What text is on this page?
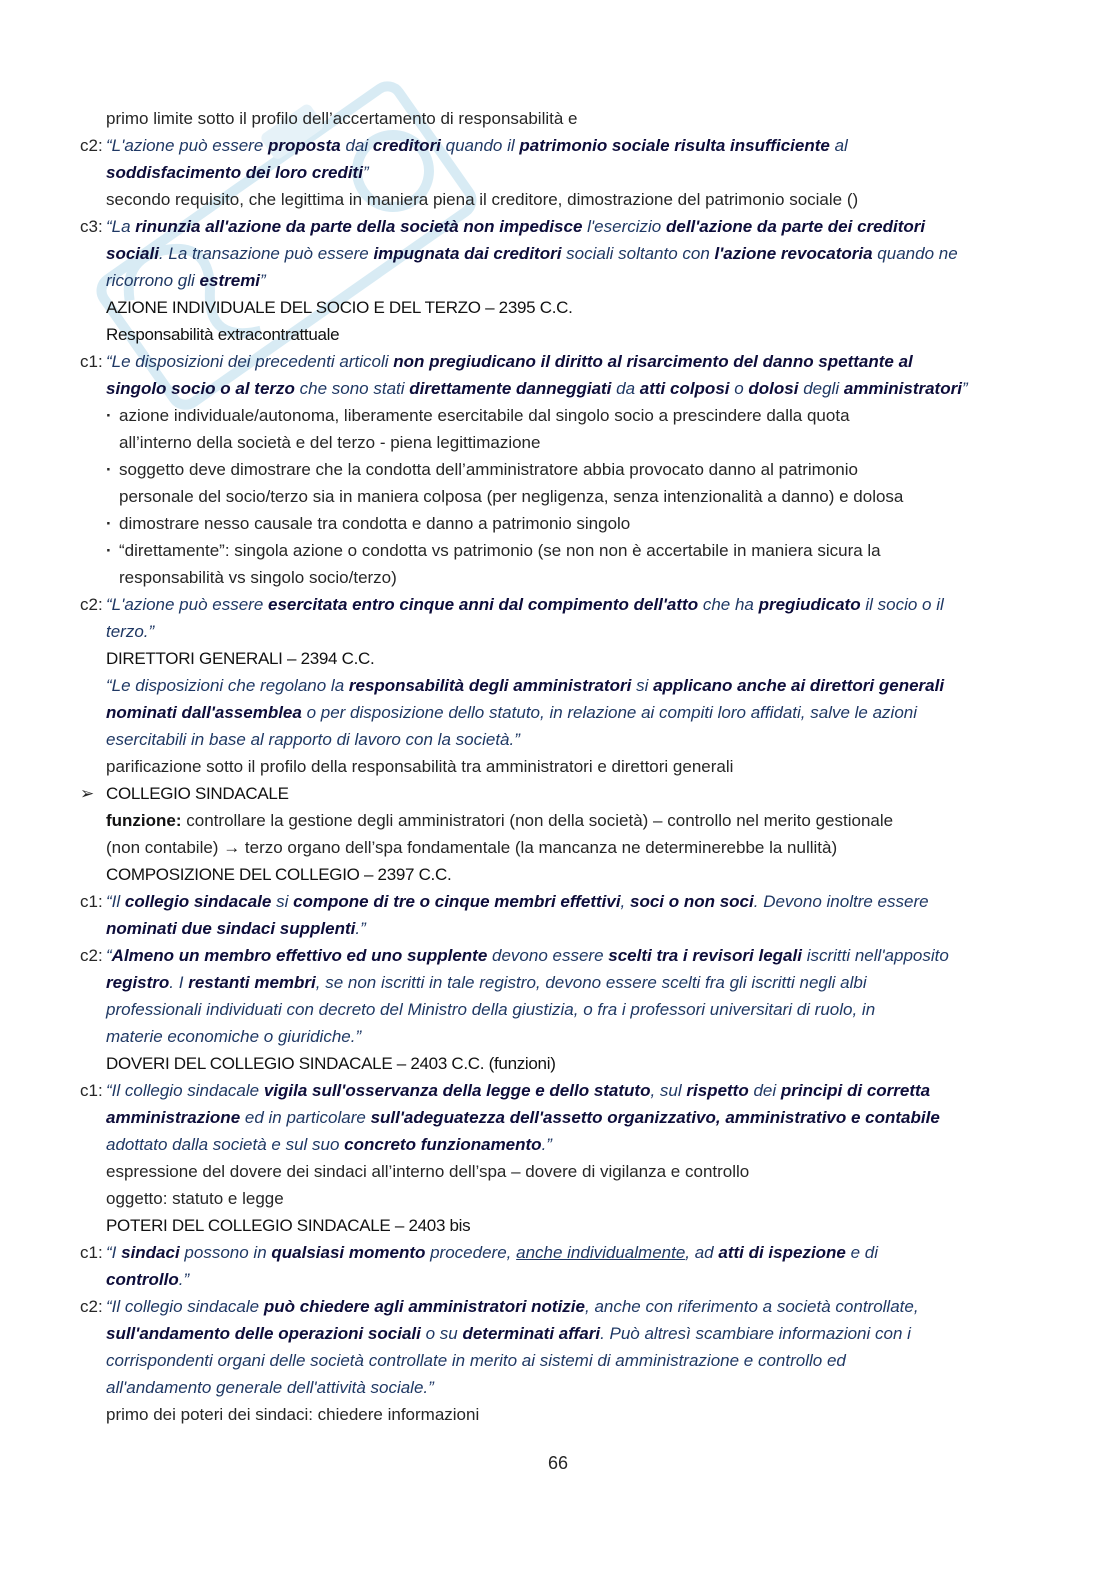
primo limite sotto il profilo dell’accertamento di responsabilità e
c2: “L'azione può essere proposta dai creditori quando il patrimonio sociale risulta insufficiente al
soddisfacimento dei loro crediti”
secondo requisito, che legittima in maniera piena il creditore, dimostrazione del patrimonio sociale ()
c3: “La rinunzia all'azione da parte della società non impedisce l'esercizio dell'azione da parte dei creditori
sociali. La transazione può essere impugnata dai creditori sociali soltanto con l'azione revocatoria quando ne
ricorrono gli estremi”
AZIONE INDIVIDUALE DEL SOCIO E DEL TERZO – 2395 C.C.
Responsabilità extracontrattuale
c1: “Le disposizioni dei precedenti articoli non pregiudicano il diritto al risarcimento del danno spettante al
singolo socio o al terzo che sono stati direttamente danneggiati da atti colposi o dolosi degli amministratori”
· azione individuale/autonoma, liberamente esercitabile dal singolo socio a prescindere dalla quota
all’interno della società e del terzo - piena legittimazione
· soggetto deve dimostrare che la condotta dell’amministratore abbia provocato danno al patrimonio
personale del socio/terzo sia in maniera colposa (per negligenza, senza intenzionalità a danno) e dolosa
· dimostrare nesso causale tra condotta e danno a patrimonio singolo
· “direttamente”: singola azione o condotta vs patrimonio (se non non è accertabile in maniera sicura la
responsabilità vs singolo socio/terzo)
c2: “L'azione può essere esercitata entro cinque anni dal compimento dell'atto che ha pregiudicato il socio o il
terzo.”
DIRETTORI GENERALI – 2394 C.C.
“Le disposizioni che regolano la responsabilità degli amministratori si applicano anche ai direttori generali
nominati dall'assemblea o per disposizione dello statuto, in relazione ai compiti loro affidati, salve le azioni
esercitabili in base al rapporto di lavoro con la società.”
parificazione sotto il profilo della responsabilità tra amministratori e direttori generali
➢ COLLEGIO SINDACALE
funzione: controllare la gestione degli amministratori (non della società) – controllo nel merito gestionale
(non contabile) → terzo organo dell’spa fondamentale (la mancanza ne determinerebbe la nullità)
COMPOSIZIONE DEL COLLEGIO – 2397 C.C.
c1: “Il collegio sindacale si compone di tre o cinque membri effettivi, soci o non soci. Devono inoltre essere
nominati due sindaci supplenti.”
c2: “Almeno un membro effettivo ed uno supplente devono essere scelti tra i revisori legali iscritti nell'apposito
registro. I restanti membri, se non iscritti in tale registro, devono essere scelti fra gli iscritti negli albi
professionali individuati con decreto del Ministro della giustizia, o fra i professori universitari di ruolo, in
materie economiche o giuridiche.”
DOVERI DEL COLLEGIO SINDACALE – 2403 C.C. (funzioni)
c1: “Il collegio sindacale vigila sull'osservanza della legge e dello statuto, sul rispetto dei principi di corretta
amministrazione ed in particolare sull'adeguatezza dell'assetto organizzativo, amministrativo e contabile
adottato dalla società e sul suo concreto funzionamento.”
espressione del dovere dei sindaci all’interno dell’spa – dovere di vigilanza e controllo
oggetto: statuto e legge
POTERI DEL COLLEGIO SINDACALE – 2403 bis
c1: “I sindaci possono in qualsiasi momento procedere, anche individualmente, ad atti di ispezione e di
controllo.”
c2: “Il collegio sindacale può chiedere agli amministratori notizie, anche con riferimento a società controllate,
sull'andamento delle operazioni sociali o su determinati affari. Può altresì scambiare informazioni con i
corrispondenti organi delle società controllate in merito ai sistemi di amministrazione e controllo ed
all'andamento generale dell'attività sociale.”
primo dei poteri dei sindaci: chiedere informazioni
66
